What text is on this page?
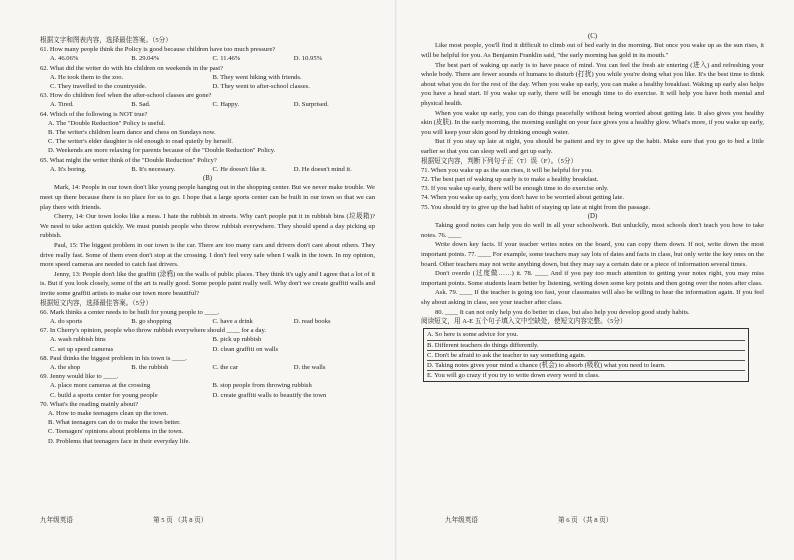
根据文字和图表内容，选择最佳答案。（5分）
61. How many people think the Policy is good because children have too much pressure?
A. 46.06%	B. 29.04%	C. 11.46%	D. 10.95%
62. What did the writer do with his children on weekends in the past?
A. He took them to the zoo.	B. They went hiking with friends.
C. They travelled to the countryside.	D. They went to after-school classes.
63. How do children feel when the after-school classes are gone?
A. Tired.	B. Sad.	C. Happy.	D. Surprised.
64. Which of the following is NOT true?
A. The "Double Reduction" Policy is useful.
B. The writer's children learn dance and chess on Sundays now.
C. The writer's elder daughter is old enough to read quietly by herself.
D. Weekends are more relaxing for parents because of the "Double Reduction" Policy.
65. What might the writer think of the "Double Reduction" Policy?
A. It's boring.	B. It's necessary.	C. He doesn't like it.	D. He doesn't mind it.
(B)
Mark, 14: People in our town don't like young people hanging out in the shopping center. But we never make trouble. We meet up there because there is no place for us to go. I hope that a large sports center can be built in our town so that we can play there with friends.
Cherry, 14: Our town looks like a mess. I hate the rubbish in streets. Why can't people put it in rubbish bins (垃圾箱)? We need to take action quickly. We must punish people who throw rubbish everywhere. They should spend a day picking up rubbish.
Paul, 15: The biggest problem in our town is the car. There are too many cars and drivers don't care about others. They drive really fast. Some of them even don't stop at the crossing. I don't feel very safe when I walk in the town. In my opinion, more speed cameras are needed to catch fast drivers.
Jenny, 13: People don't like the graffiti (涂鸦) on the walls of public places. They think it's ugly and I agree that a lot of it is. But if you look closely, some of the art is really good. Some people paint really well. Why don't we create graffiti walls and invite some graffiti artists to make our town more beautiful?
根据短文内容，选择最佳答案。（5分）
66. Mark thinks a center needs to be built for young people to ____.
A. do sports	B. go shopping	C. have a drink	D. read books
67. In Cherry's opinion, people who throw rubbish everywhere should ____ for a day.
A. wash rubbish bins	B. pick up rubbish
C. set up speed cameras	D. clean graffiti on walls
68. Paul thinks the biggest problem in his town is ____.
A. the shop	B. the rubbish	C. the car	D. the walls
69. Jenny would like to ____.
A. place more cameras at the crossing	B. stop people from throwing rubbish
C. build a sports center for young people	D. create graffiti walls to beautify the town
70. What's the reading mainly about?
A. How to make teenagers clean up the town.
B. What teenagers can do to make the town better.
C. Teenagers' opinions about problems in the town.
D. Problems that teenagers face in their everyday life.
九年级英语	第 5 页 （共 8 页）
(C)
Like most people, you'll find it difficult to climb out of bed early in the morning. But once you wake up as the sun rises, it will be helpful for you. As Benjamin Franklin said, "the early morning has gold in its mouth."
The best part of waking up early is to have peace of mind. You can feel the fresh air entering (进入) and refreshing your whole body. There are fewer sounds of humans to disturb (打扰) you while you're doing what you like. It's the best time to think about what you do for the rest of the day. When you wake up early, you can make a healthy breakfast. Waking up early also helps you have a head start. If you wake up early, there will be enough time to do exercise. It will help you have both mental and physical health.
When you wake up early, you can do things peacefully without being worried about getting late. It also gives you healthy skin (皮肤). In the early morning, the morning sunlight on your face gives you a healthy glow. What's more, if you wake up early, you will keep your skin good by drinking enough water.
But if you stay up late at night, you should be patient and try to give up the habit. Make sure that you go to bed a little earlier so that you can sleep well and get up early.
根据短文内容，判断下列句子正（T）误（F）。（5分）
71. When you wake up as the sun rises, it will be helpful for you.
72. The best part of waking up early is to make a healthy breakfast.
73. If you wake up early, there will be enough time to do exercise only.
74. When you wake up early, you don't have to be worried about getting late.
75. You should try to give up the bad habit of staying up late at night from the passage.
(D)
Taking good notes can help you do well in all your schoolwork. But unluckily, most schools don't teach you how to take notes. 76. ____
Write down key facts. If your teacher writes notes on the board, you can copy them down. If not, write down the most important points. 77. ____ For example, some teachers may say lots of dates and facts in class, but only write the key ones on the board. Other teachers may not write anything down, but they may say a certain date or a piece of information several times.
Don't overdo (过度做……) it. 78. ____ And if you pay too much attention to getting your notes right, you may miss important points. Some students learn better by listening, writing down some key points and then going over the notes after class.
Ask. 79. ____ If the teacher is going too fast, your classmates will also be willing to hear the information again. If you feel shy about asking in class, see your teacher after class.
80. ____ It can not only help you do better in class, but also help you develop good study habits.
阅读短文，用 A-E 五个句子填入文中空缺处，使短文内容完整。（5分）
A. So here is some advice for you.
B. Different teachers do things differently.
C. Don't be afraid to ask the teacher to say something again.
D. Taking notes gives your mind a chance (机会) to absorb (吸收) what you need to learn.
E. You will go crazy if you try to write down every word in class.
九年级英语	第 6 页 （共 8 页）
